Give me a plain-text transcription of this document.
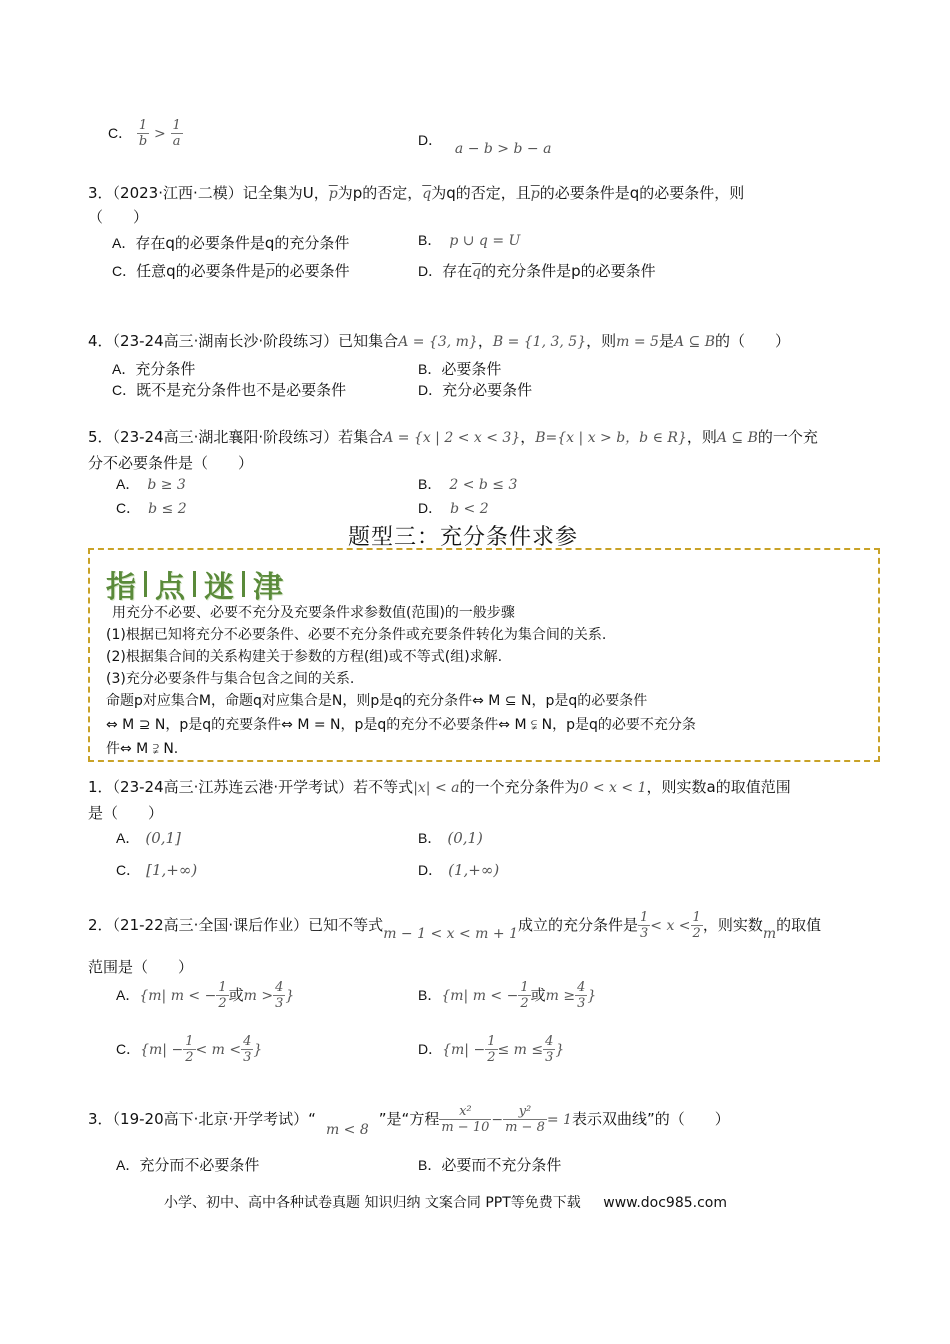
C． $\frac{1}{b} > \frac{1}{a}$	D． a − b > b − a
3．（2023·江西·二模）记全集为U，$\overline{p}$为p的否定，$\overline{q}$为q的否定，且$\overline{p}$的必要条件是q的必要条件，则
（　　）
A．存在q的必要条件是q的充分条件	B． p ∪ q = U
C．任意q的必要条件是$\overline{p}$的必要条件	D．存在$\overline{q}$的充分条件是p的必要条件
4．（23-24高三·湖南长沙·阶段练习）已知集合A = {3, m}，B = {1, 3, 5}，则m = 5是A ⊆ B的（　　）
A．充分条件	B．必要条件
C．既不是充分条件也不是必要条件	D．充分必要条件
5．（23-24高三·湖北襄阳·阶段练习）若集合A = {x | 2 < x < 3}，B={x | x > b，b ∈ R}，则A ⊆ B的一个充
分不必要条件是（　　）
A． b ≥ 3	B． 2 < b ≤ 3
C． b ≤ 2	D． b < 2
题型三：充分条件求参
指 点 迷 津
用充分不必要、必要不充分及充要条件求参数值(范围)的一般步骤
(1)根据已知将充分不必要条件、必要不充分条件或充要条件转化为集合间的关系.
(2)根据集合间的关系构建关于参数的方程(组)或不等式(组)求解.
(3)充分必要条件与集合包含之间的关系.
命题p对应集合M，命题q对应集合是N，则p是q的充分条件⇔ M ⊆ N，p是q的必要条件
⇔ M ⊇ N，p是q的充要条件⇔ M = N，p是q的充分不必要条件⇔ M ⫋ N，p是q的必要不充分条
件⇔ M ⫌ N.
1．（23-24高三·江苏连云港·开学考试）若不等式|x| < a的一个充分条件为0 < x < 1，则实数a的取值范围
是（　　）
A． (0,1]	B． (0,1)
C． [1,+∞)	D． (1,+∞)
2．（21-22高三·全国·课后作业）已知不等式m − 1 < x < m + 1成立的充分条件是 $\frac{1}{3} < x < \frac{1}{2}$ ，则实数m的取值
范围是（　　）
A．{m| m < − $\frac{1}{2}$ 或$m > \frac{4}{3}$ }	B．{m| m < − $\frac{1}{2}$ 或$m \ge \frac{4}{3}$ }
C．{$m| - \frac{1}{2} < m < \frac{4}{3}$ }	D．{$m| - \frac{1}{2} \le m \le \frac{4}{3}$ }
3．（19-20高下·北京·开学考试）“m < 8”是“方程 $\frac{\text{x²}}{m - 10} - \frac{\text{y²}}{m - 8} = 1$表示双曲线”的（　　）
A．充分而不必要条件	B．必要而不充分条件
小学、初中、高中各种试卷真题 知识归纳 文案合同 PPT等免费下载 www.doc985.com
